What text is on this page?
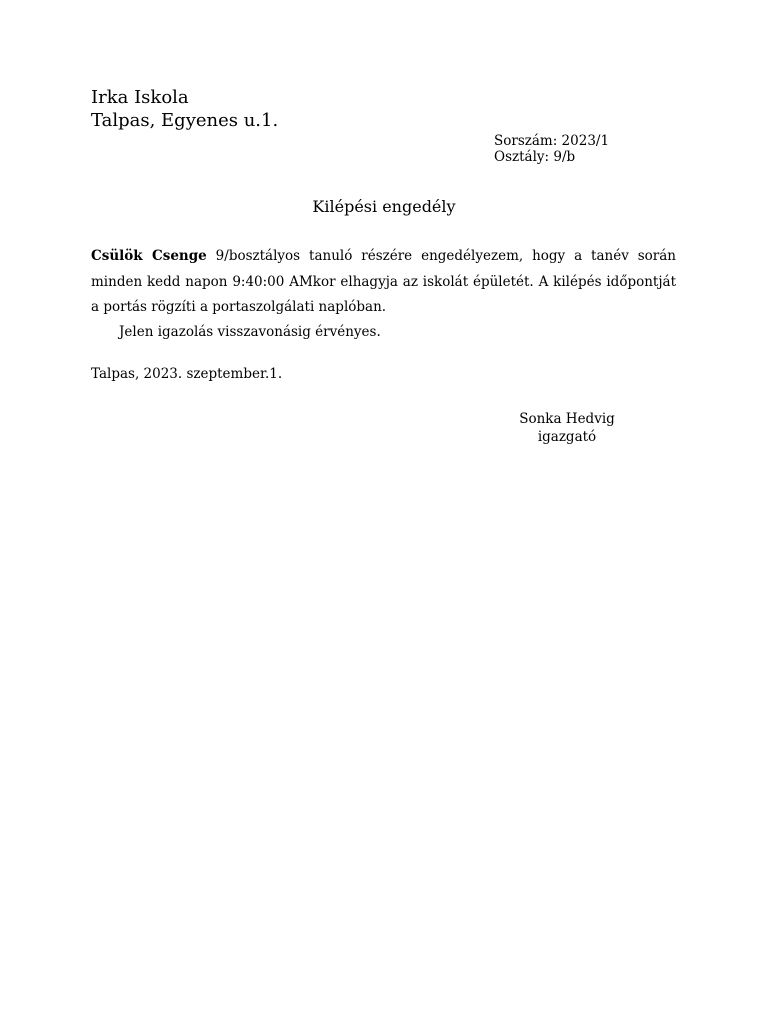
Irka Iskola
Talpas, Egyenes u.1.
Sorszám: 2023/1
Osztály: 9/b
Kilépési engedély
Csülök Csenge 9/bosztályos tanuló részére engedélyezem, hogy a tanév során minden kedd napon 9:40:00 AMkor elhagyja az iskolát épületét. A kilépés időpontját a portás rögzíti a portaszolgálati naplóban.
Jelen igazolás visszavonásig érvényes.
Talpas, 2023. szeptember.1.
Sonka Hedvig
igazgató
